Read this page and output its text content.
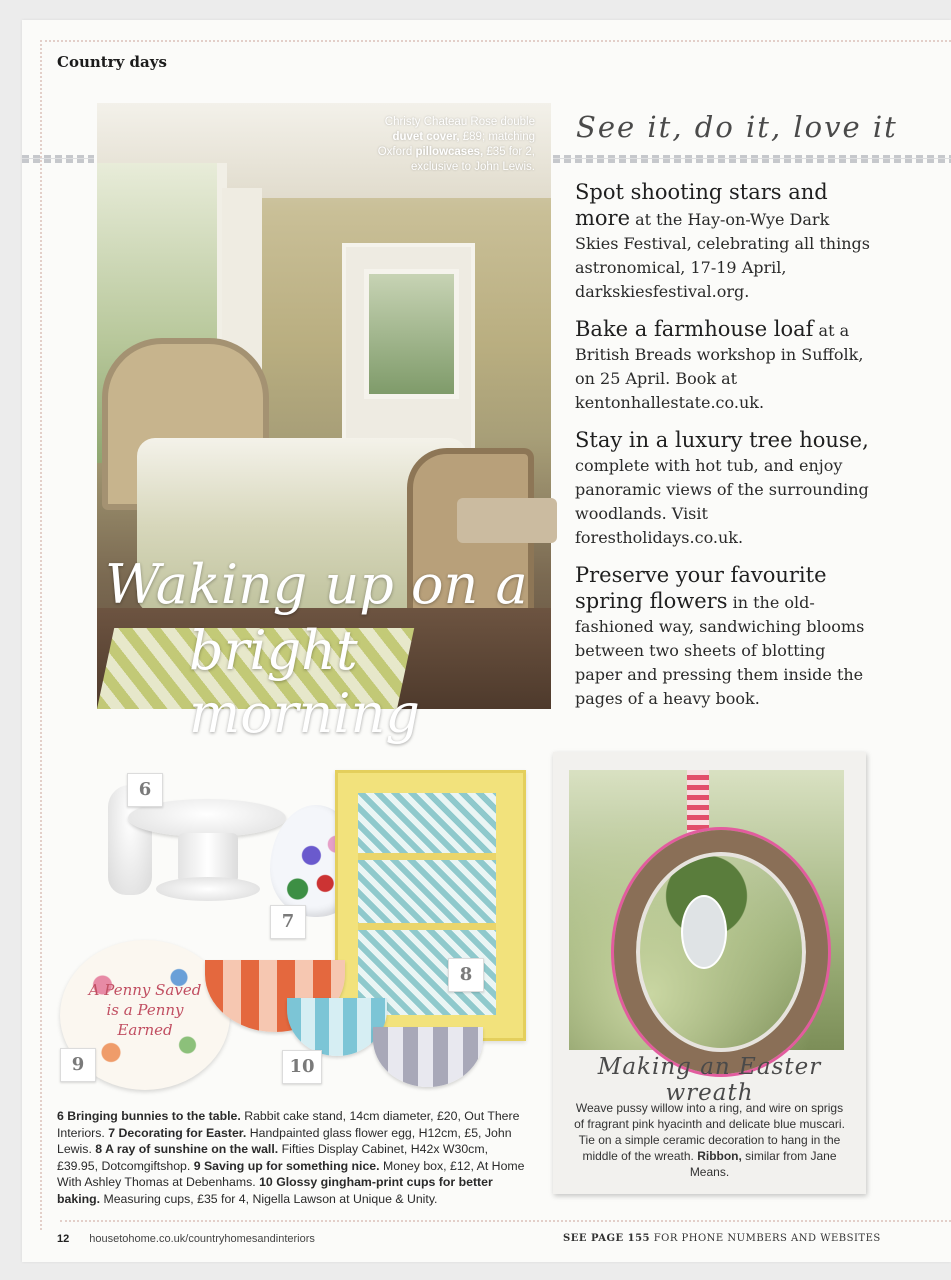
Country days
Christy Chateau Rose double duvet cover, £89; matching Oxford pillowcases, £35 for 2, exclusive to John Lewis.
Waking up on a
bright morning
See it, do it, love it
Spot shooting stars and more at the Hay-on-Wye Dark Skies Festival, celebrating all things astronomical, 17-19 April, darkskiesfestival.org.
Bake a farmhouse loaf at a British Breads workshop in Suffolk, on 25 April. Book at kentonhallestate.co.uk.
Stay in a luxury tree house, complete with hot tub, and enjoy panoramic views of the surrounding woodlands. Visit forestholidays.co.uk.
Preserve your favourite spring flowers in the old-fashioned way, sandwiching blooms between two sheets of blotting paper and pressing them inside the pages of a heavy book.
A Penny Saved is a Penny Earned
6
7
8
9	10
6 Bringing bunnies to the table. Rabbit cake stand, 14cm diameter, £20, Out There Interiors. 7 Decorating for Easter. Handpainted glass flower egg, H12cm, £5, John Lewis. 8 A ray of sunshine on the wall. Fifties Display Cabinet, H42x W30cm, £39.95, Dotcomgiftshop. 9 Saving up for something nice. Money box, £12, At Home With Ashley Thomas at Debenhams. 10 Glossy gingham-print cups for better baking. Measuring cups, £35 for 4, Nigella Lawson at Unique & Unity.
Making an Easter wreath
Weave pussy willow into a ring, and wire on sprigs of fragrant pink hyacinth and delicate blue muscari. Tie on a simple ceramic decoration to hang in the middle of the wreath. Ribbon, similar from Jane Means.
12 housetohome.co.uk/countryhomesandinteriors	SEE PAGE 155 FOR PHONE NUMBERS AND WEBSITES
